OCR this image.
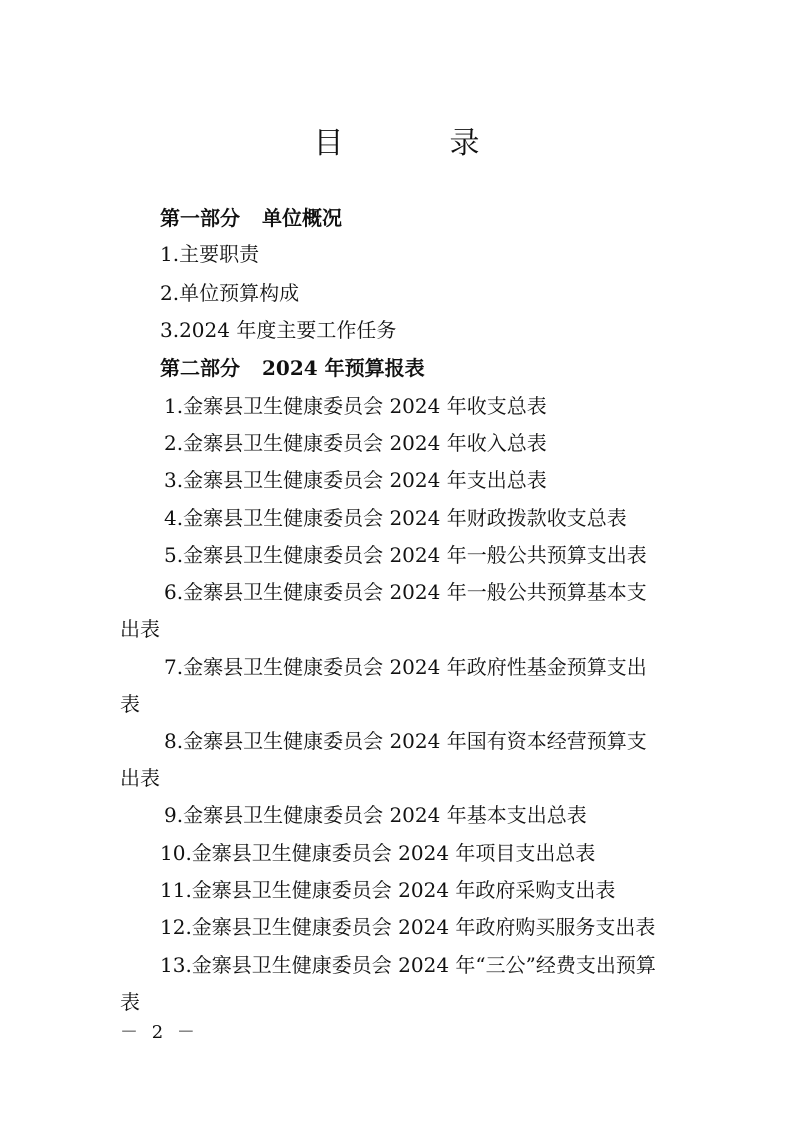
目　录
第一部分 单位概况
1.主要职责
2.单位预算构成
3.2024 年度主要工作任务
第二部分 2024 年预算报表
1.金寨县卫生健康委员会 2024 年收支总表
2.金寨县卫生健康委员会 2024 年收入总表
3.金寨县卫生健康委员会 2024 年支出总表
4.金寨县卫生健康委员会 2024 年财政拨款收支总表
5.金寨县卫生健康委员会 2024 年一般公共预算支出表
6.金寨县卫生健康委员会 2024 年一般公共预算基本支
出表
7.金寨县卫生健康委员会 2024 年政府性基金预算支出
表
8.金寨县卫生健康委员会 2024 年国有资本经营预算支
出表
9.金寨县卫生健康委员会 2024 年基本支出总表
10.金寨县卫生健康委员会 2024 年项目支出总表
11.金寨县卫生健康委员会 2024 年政府采购支出表
12.金寨县卫生健康委员会 2024 年政府购买服务支出表
13.金寨县卫生健康委员会 2024 年“三公”经费支出预算
表
－ 2 －
